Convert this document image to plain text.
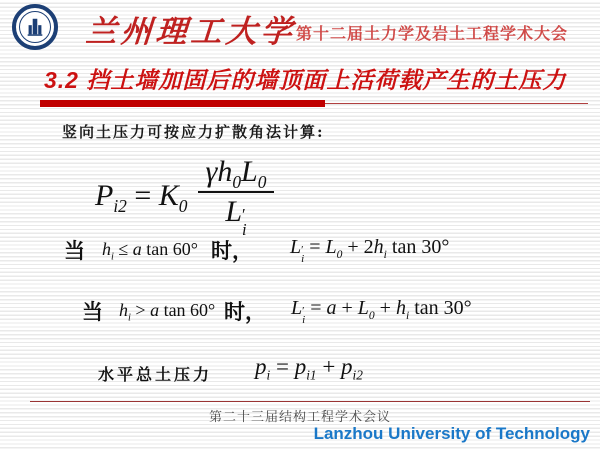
兰州理工大学
第十二届土力学及岩土工程学术大会
3.2 挡土墙加固后的墙顶面上活荷载产生的土压力
竖向土压力可按应力扩散角法计算:
$P_{i2} = K_0$ $\gamma h_0L_0$
L ′
i
当 $h_i \le a$ tan 60° 时， L ′
i
= $L_0 + 2h_i$ tan 30°
当 $h_i > a$ tan 60° 时， L ′
i
= $a + L_0 + h_i$ tan 30°
水平总土压力 $p_i = p_{i1} + p_{i2}$
第二十三届结构工程学术会议
Lanzhou University of Technology
